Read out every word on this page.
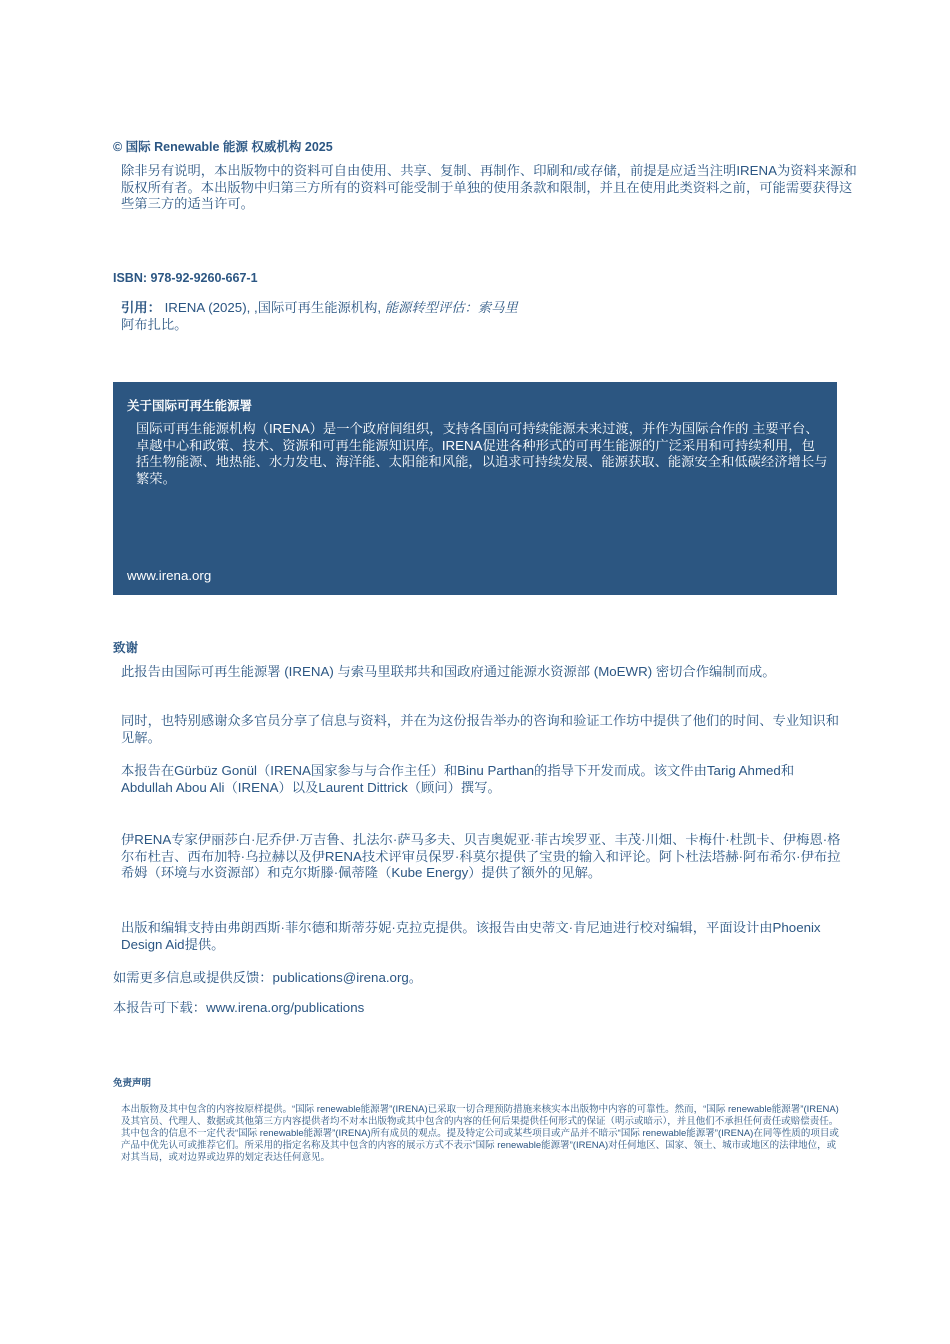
© 国际 Renewable 能源 权威机构 2025

除非另有说明，本出版物中的资料可自由使用、共享、复制、再制作、印刷和/或存储，前提是应适当注明IRENA为资料来源和版权所有者。本出版物中归第三方所有的资料可能受制于单独的使用条款和限制，并且在使用此类资料之前，可能需要获得这些第三方的适当许可。

ISBN: 978-92-9260-667-1
引用： IRENA (2025), ,国际可再生能源机构, 能源转型评估：索马里
阿布扎比。
关于国际可再生能源署
国际可再生能源机构（IRENA）是一个政府间组织，支持各国向可持续能源未来过渡，并作为国际合作的 主要平台、卓越中心和政策、技术、资源和可再生能源知识库。IRENA促进各种形式的可再生能源的广泛采用和可持续利用，包括生物能源、地热能、水力发电、海洋能、太阳能和风能，以追求可持续发展、能源获取、能源安全和低碳经济增长与繁荣。
www.irena.org
致谢

此报告由国际可再生能源署 (IRENA) 与索马里联邦共和国政府通过能源水资源部 (MoEWR) 密切合作编制而成。

同时，也特别感谢众多官员分享了信息与资料，并在为这份报告举办的咨询和验证工作坊中提供了他们的时间、专业知识和见解。

本报告在Gürbüz Gonül（IRENA国家参与与合作主任）和Binu Parthan的指导下开发而成。该文件由Tarig Ahmed和Abdullah Abou Ali（IRENA）以及Laurent Dittrick（顾问）撰写。

伊RENA专家伊丽莎白·尼乔伊·万吉鲁、扎法尔·萨马多夫、贝吉奥妮亚·菲古埃罗亚、丰茂·川畑、卡梅什·杜凯卡、伊梅恩·格尔布杜吉、西布加特·乌拉赫以及伊RENA技术评审员保罗·科莫尔提供了宝贵的输入和评论。阿卜杜法塔赫·阿布希尔·伊布拉希姆（环境与水资源部）和克尔斯滕·佩蒂隆（Kube Energy）提供了额外的见解。

出版和编辑支持由弗朗西斯·菲尔德和斯蒂芬妮·克拉克提供。该报告由史蒂文·肯尼迪进行校对编辑，平面设计由Phoenix Design Aid提供。

如需更多信息或提供反馈：publications@irena.org。

本报告可下载：www.irena.org/publications

免责声明

本出版物及其中包含的内容按原样提供。“国际 renewable能源署”(IRENA)已采取一切合理预防措施来核实本出版物中内容的可靠性。然而，“国际 renewable能源署”(IRENA)及其官员、代理人、数据或其他第三方内容提供者均不对本出版物或其中包含的内容的任何后果提供任何形式的保证（明示或暗示），并且他们不承担任何责任或赔偿责任。其中包含的信息不一定代表“国际 renewable能源署”(IRENA)所有成员的观点。提及特定公司或某些项目或产品并不暗示“国际 renewable能源署”(IRENA)在同等性质的项目或产品中优先认可或推荐它们。所采用的指定名称及其中包含的内容的展示方式不表示“国际 renewable能源署”(IRENA)对任何地区、国家、领土、城市或地区的法律地位，或对其当局，或对边界或边界的划定表达任何意见。
